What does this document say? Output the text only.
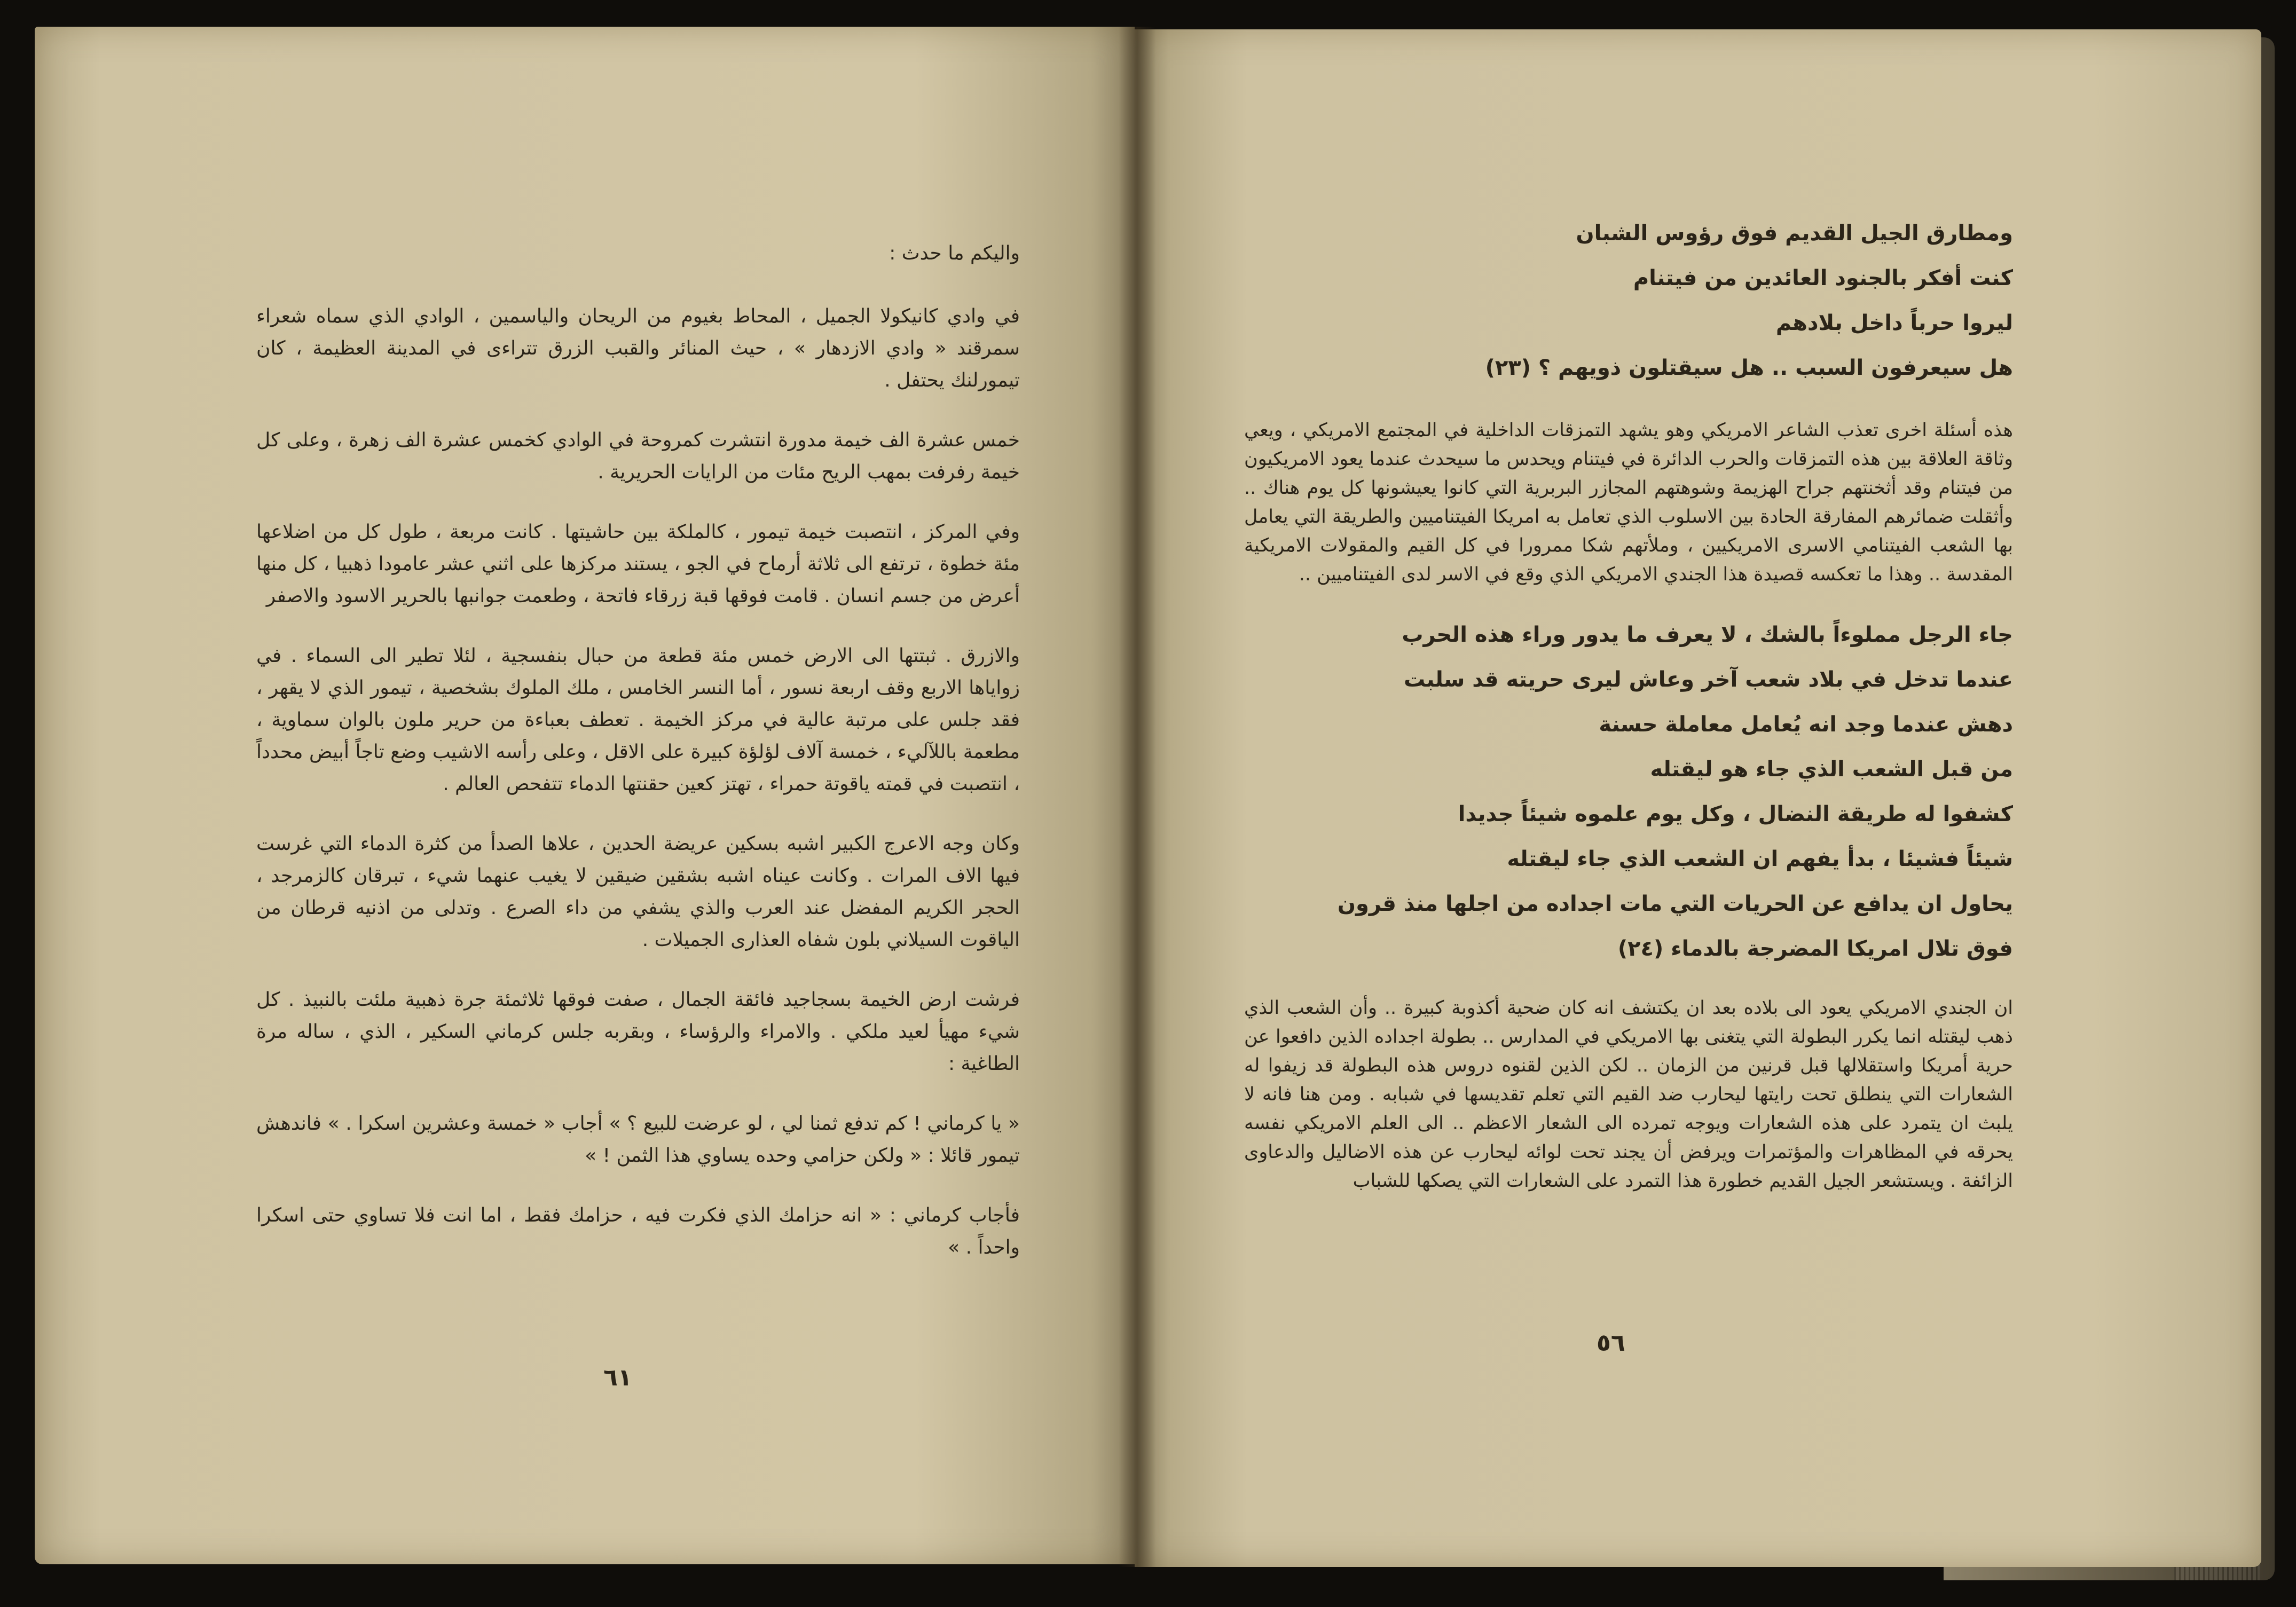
واليكم ما حدث :

في وادي كانيكولا الجميل ، المحاط بغيوم من الريحان والياسمين ، الوادي الذي سماه شعراء سمرقند « وادي الازدهار » ، حيث المنائر والقبب الزرق تتراءى في المدينة العظيمة ، كان تيمورلنك يحتفل .

خمس عشرة الف خيمة مدورة انتشرت كمروحة في الوادي كخمس عشرة الف زهرة ، وعلى كل خيمة رفرفت بمهب الريح مئات من الرايات الحريرية .

وفي المركز ، انتصبت خيمة تيمور ، كالملكة بين حاشيتها . كانت مربعة ، طول كل من اضلاعها مئة خطوة ، ترتفع الى ثلاثة أرماح في الجو ، يستند مركزها على اثني عشر عامودا ذهبيا ، كل منها أعرض من جسم انسان . قامت فوقها قبة زرقاء فاتحة ، وطعمت جوانبها بالحرير الاسود والاصفر

والازرق . ثبتتها الى الارض خمس مئة قطعة من حبال بنفسجية ، لئلا تطير الى السماء . في زواياها الاربع وقف اربعة نسور ، أما النسر الخامس ، ملك الملوك بشخصية ، تيمور الذي لا يقهر ، فقد جلس على مرتبة عالية في مركز الخيمة . تعطف بعباءة من حرير ملون بالوان سماوية ، مطعمة باللآليء ، خمسة آلاف لؤلؤة كبيرة على الاقل ، وعلى رأسه الاشيب وضع تاجاً أبيض محدداً ، انتصبت في قمته ياقوتة حمراء ، تهتز كعين حقنتها الدماء تتفحص العالم .

وكان وجه الاعرج الكبير اشبه بسكين عريضة الحدين ، علاها الصدأ من كثرة الدماء التي غرست فيها الاف المرات . وكانت عيناه اشبه بشقين ضيقين لا يغيب عنهما شيء ، تبرقان كالزمرجد ، الحجر الكريم المفضل عند العرب والذي يشفي من داء الصرع . وتدلى من اذنيه قرطان من الياقوت السيلاني بلون شفاه العذارى الجميلات .

فرشت ارض الخيمة بسجاجيد فائقة الجمال ، صفت فوقها ثلاثمئة جرة ذهبية ملئت بالنبيذ . كل شيء مهيأ لعيد ملكي . والامراء والرؤساء ، وبقربه جلس كرماني السكير ، الذي ، ساله مرة الطاغية :

« يا كرماني ! كم تدفع ثمنا لي ، لو عرضت للبيع ؟ » أجاب « خمسة وعشرين اسكرا . » فاندهش تيمور قائلا : « ولكن حزامي وحده يساوي هذا الثمن ! »

فأجاب كرماني : « انه حزامك الذي فكرت فيه ، حزامك فقط ، اما انت فلا تساوي حتى اسكرا واحداً . »

٦١

ومطارق الجيل القديم فوق رؤوس الشبان

كنت أفكر بالجنود العائدين من فيتنام

ليروا حرباً داخل بلادهم

هل سيعرفون السبب .. هل سيقتلون ذويهم ؟ (٢٣)

هذه أسئلة اخرى تعذب الشاعر الامريكي وهو يشهد التمزقات الداخلية في المجتمع الامريكي ، ويعي وثاقة العلاقة بين هذه التمزقات والحرب الدائرة في فيتنام ويحدس ما سيحدث عندما يعود الامريكيون من فيتنام وقد أثخنتهم جراح الهزيمة وشوهتهم المجازر البربرية التي كانوا يعيشونها كل يوم هناك .. وأثقلت ضمائرهم المفارقة الحادة بين الاسلوب الذي تعامل به امريكا الفيتناميين والطريقة التي يعامل بها الشعب الفيتنامي الاسرى الامريكيين ، وملأتهم شكا ممرورا في كل القيم والمقولات الامريكية المقدسة .. وهذا ما تعكسه قصيدة هذا الجندي الامريكي الذي وقع في الاسر لدى الفيتناميين ..

جاء الرجل مملوءاً بالشك ، لا يعرف ما يدور وراء هذه الحرب

عندما تدخل في بلاد شعب آخر وعاش ليرى حريته قد سلبت

دهش عندما وجد انه يُعامل معاملة حسنة

من قبل الشعب الذي جاء هو ليقتله

كشفوا له طريقة النضال ، وكل يوم علموه شيئاً جديدا

شيئاً فشيئا ، بدأ يفهم ان الشعب الذي جاء ليقتله

يحاول ان يدافع عن الحريات التي مات اجداده من اجلها منذ قرون

فوق تلال امريكا المضرجة بالدماء (٢٤)

ان الجندي الامريكي يعود الى بلاده بعد ان يكتشف انه كان ضحية أكذوبة كبيرة .. وأن الشعب الذي ذهب ليقتله انما يكرر البطولة التي يتغنى بها الامريكي في المدارس .. بطولة اجداده الذين دافعوا عن حرية أمريكا واستقلالها قبل قرنين من الزمان .. لكن الذين لقنوه دروس هذه البطولة قد زيفوا له الشعارات التي ينطلق تحت رايتها ليحارب ضد القيم التي تعلم تقديسها في شبابه . ومن هنا فانه لا يلبث ان يتمرد على هذه الشعارات ويوجه تمرده الى الشعار الاعظم .. الى العلم الامريكي نفسه يحرقه في المظاهرات والمؤتمرات ويرفض أن يجند تحت لوائه ليحارب عن هذه الاضاليل والدعاوى الزائفة . ويستشعر الجيل القديم خطورة هذا التمرد على الشعارات التي يصكها للشباب

٥٦
